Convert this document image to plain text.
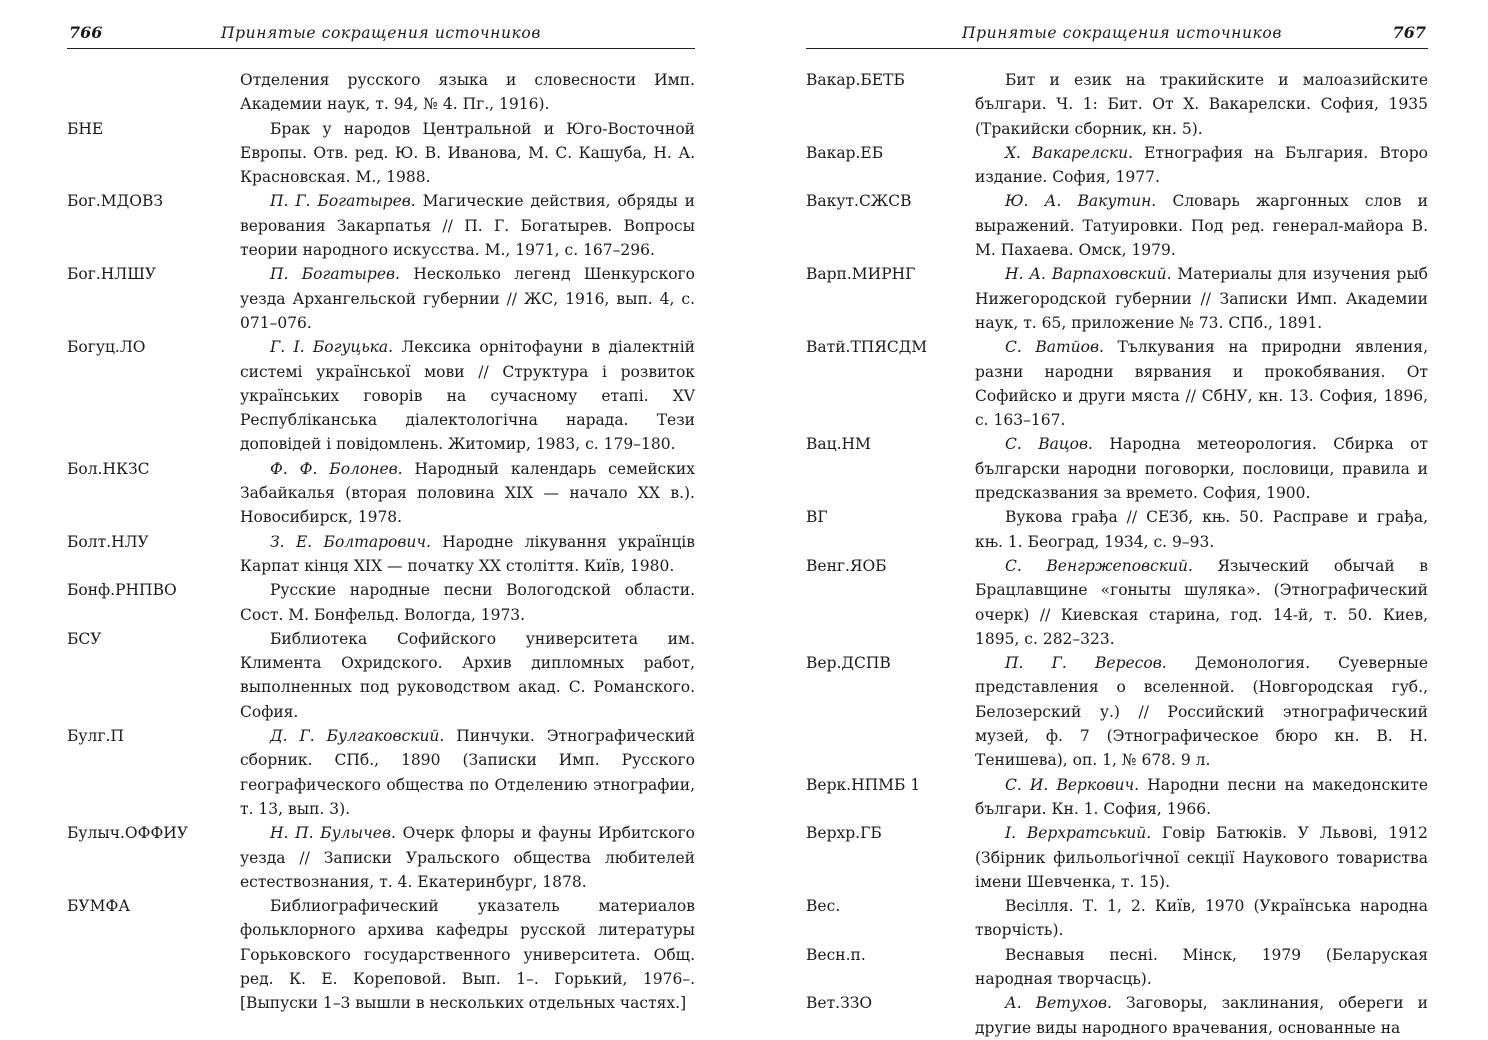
766	Принятые сокращения источников
Отделения русского языка и словесности Имп. Академии наук, т. 94, № 4. Пг., 1916).
БНЕ	Брак у народов Центральной и Юго-Восточной Европы. Отв. ред. Ю. В. Иванова, М. С. Кашуба, Н. А. Красновская. М., 1988.
Бог.МДОВЗ	П. Г. Богатырев. Магические действия, обряды и верования Закарпатья // П. Г. Богатырев. Вопросы теории народного искусства. М., 1971, с. 167–296.
Бог.НЛШУ	П. Богатырев. Несколько легенд Шенкурского уезда Архангельской губернии // ЖС, 1916, вып. 4, с. 071–076.
Богуц.ЛО	Г. І. Богуцька. Лексика орнітофауни в діалектній системі української мови // Структура і розвиток українських говорів на сучасному етапі. XV Республіканська діалектологічна нарада. Тези доповідей і повідомлень. Житомир, 1983, с. 179–180.
Бол.НКЗС	Ф. Ф. Болонев. Народный календарь семейских Забайкалья (вторая половина XIX — начало XX в.). Новосибирск, 1978.
Болт.НЛУ	З. Е. Болтарович. Народне лікування українців Карпат кінця XIX — початку XX століття. Київ, 1980.
Бонф.РНПВО	Русские народные песни Вологодской области. Сост. М. Бонфельд. Вологда, 1973.
БСУ	Библиотека Софийского университета им. Климента Охридского. Архив дипломных работ, выполненных под руководством акад. С. Романского. София.
Булг.П	Д. Г. Булгаковский. Пинчуки. Этнографический сборник. СПб., 1890 (Записки Имп. Русского географического общества по Отделению этнографии, т. 13, вып. 3).
Булыч.ОФФИУ	Н. П. Булычев. Очерк флоры и фауны Ирбитского уезда // Записки Уральского общества любителей естествознания, т. 4. Екатеринбург, 1878.
БУМФА	Библиографический указатель материалов фольклорного архива кафедры русской литературы Горьковского государственного университета. Общ. ред. К. Е. Кореповой. Вып. 1–. Горький, 1976–. [Выпуски 1–3 вышли в нескольких отдельных частях.]
Принятые сокращения источников	767
Вакар.БЕТБ	Бит и език на тракийските и малоазийските българи. Ч. 1: Бит. От Х. Вакарелски. София, 1935 (Тракийски сборник, кн. 5).
Вакар.ЕБ	Х. Вакарелски. Етнография на България. Второ издание. София, 1977.
Вакут.СЖСВ	Ю. А. Вакутин. Словарь жаргонных слов и выражений. Татуировки. Под ред. генерал-майора В. М. Пахаева. Омск, 1979.
Варп.МИРНГ	Н. А. Варпаховский. Материалы для изучения рыб Нижегородской губернии // Записки Имп. Академии наук, т. 65, приложение № 73. СПб., 1891.
Ватй.ТПЯСДМ	С. Ватйов. Тълкувания на природни явления, разни народни вярвания и прокобявания. От Софийско и други мяста // СбНУ, кн. 13. София, 1896, с. 163–167.
Вац.НМ	С. Вацов. Народна метеорология. Сбирка от български народни поговорки, пословици, правила и предсказвания за времето. София, 1900.
ВГ	Вукова грађа // СЕЗб, књ. 50. Расправе и грађа, књ. 1. Београд, 1934, с. 9–93.
Венг.ЯОБ	С. Венгржеповский. Языческий обычай в Брацлавщине «гоныты шуляка». (Этнографический очерк) // Киевская старина, год. 14-й, т. 50. Киев, 1895, с. 282–323.
Вер.ДСПВ	П. Г. Вересов. Демонология. Суеверные представления о вселенной. (Новгородская губ., Белозерский у.) // Российский этнографический музей, ф. 7 (Этнографическое бюро кн. В. Н. Тенишева), оп. 1, № 678. 9 л.
Верк.НПМБ 1	С. И. Веркович. Народни песни на македонските българи. Кн. 1. София, 1966.
Верхр.ГБ	І. Верхратський. Говір Батюків. У Львові, 1912 (Збірник фильольоґічної секції Наукового товариства імени Шевченка, т. 15).
Вес.	Весілля. Т. 1, 2. Київ, 1970 (Українська народна творчість).
Весн.п.	Веснавыя песні. Мінск, 1979 (Беларуская народная творчасць).
Вет.ЗЗО	А. Ветухов. Заговоры, заклинания, обереги и другие виды народного врачевания, основанные на
